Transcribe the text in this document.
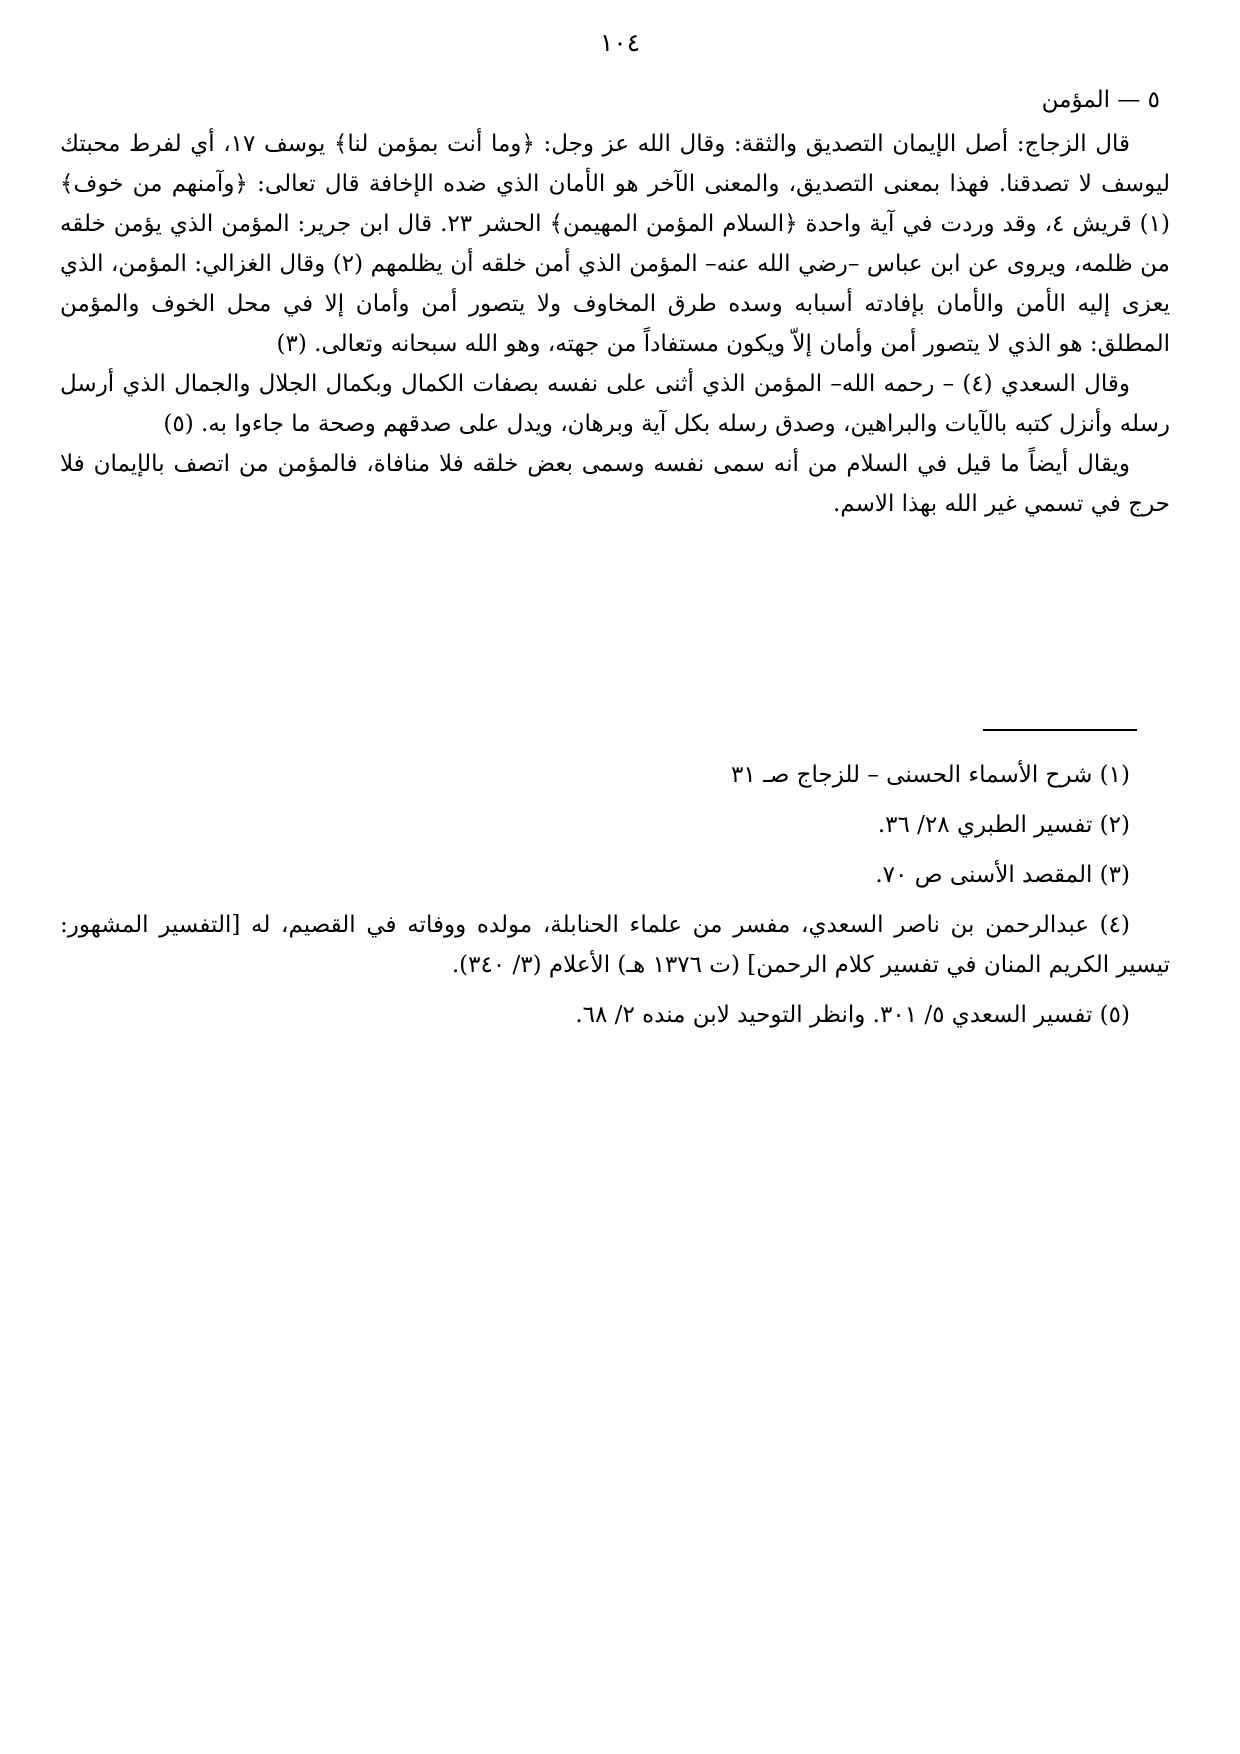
١٠٤
٥ — المؤمن

قال الزجاج: أصل الإيمان التصديق والثقة: وقال الله عز وجل: ﴿وما أنت بمؤمن لنا﴾ يوسف ١٧، أي لفرط محبتك ليوسف لا تصدقنا. فهذا بمعنى التصديق، والمعنى الآخر هو الأمان الذي ضده الإخافة قال تعالى: ﴿وآمنهم من خوف﴾ (١) قريش ٤، وقد وردت في آية واحدة ﴿السلام المؤمن المهيمن﴾ الحشر ٢٣. قال ابن جرير: المؤمن الذي يؤمن خلقه من ظلمه، ويروى عن ابن عباس –رضي الله عنه– المؤمن الذي أمن خلقه أن يظلمهم (٢) وقال الغزالي: المؤمن، الذي يعزى إليه الأمن والأمان بإفادته أسبابه وسده طرق المخاوف ولا يتصور أمن وأمان إلا في محل الخوف والمؤمن المطلق: هو الذي لا يتصور أمن وأمان إلاّ ويكون مستفاداً من جهته، وهو الله سبحانه وتعالى. (٣)

وقال السعدي (٤) – رحمه الله– المؤمن الذي أثنى على نفسه بصفات الكمال وبكمال الجلال والجمال الذي أرسل رسله وأنزل كتبه بالآيات والبراهين، وصدق رسله بكل آية وبرهان، ويدل على صدقهم وصحة ما جاءوا به. (٥)

ويقال أيضاً ما قيل في السلام من أنه سمى نفسه وسمى بعض خلقه فلا منافاة، فالمؤمن من اتصف بالإيمان فلا حرج في تسمي غير الله بهذا الاسم.

(١) شرح الأسماء الحسنى – للزجاج صـ ٣١

(٢) تفسير الطبري ٢٨/ ٣٦.

(٣) المقصد الأسنى ص ٧٠.

(٤) عبدالرحمن بن ناصر السعدي، مفسر من علماء الحنابلة، مولده ووفاته في القصيم، له [التفسير المشهور: تيسير الكريم المنان في تفسير كلام الرحمن] (ت ١٣٧٦ هـ) الأعلام (٣/ ٣٤٠).

(٥) تفسير السعدي ٥/ ٣٠١. وانظر التوحيد لابن منده ٢/ ٦٨.
